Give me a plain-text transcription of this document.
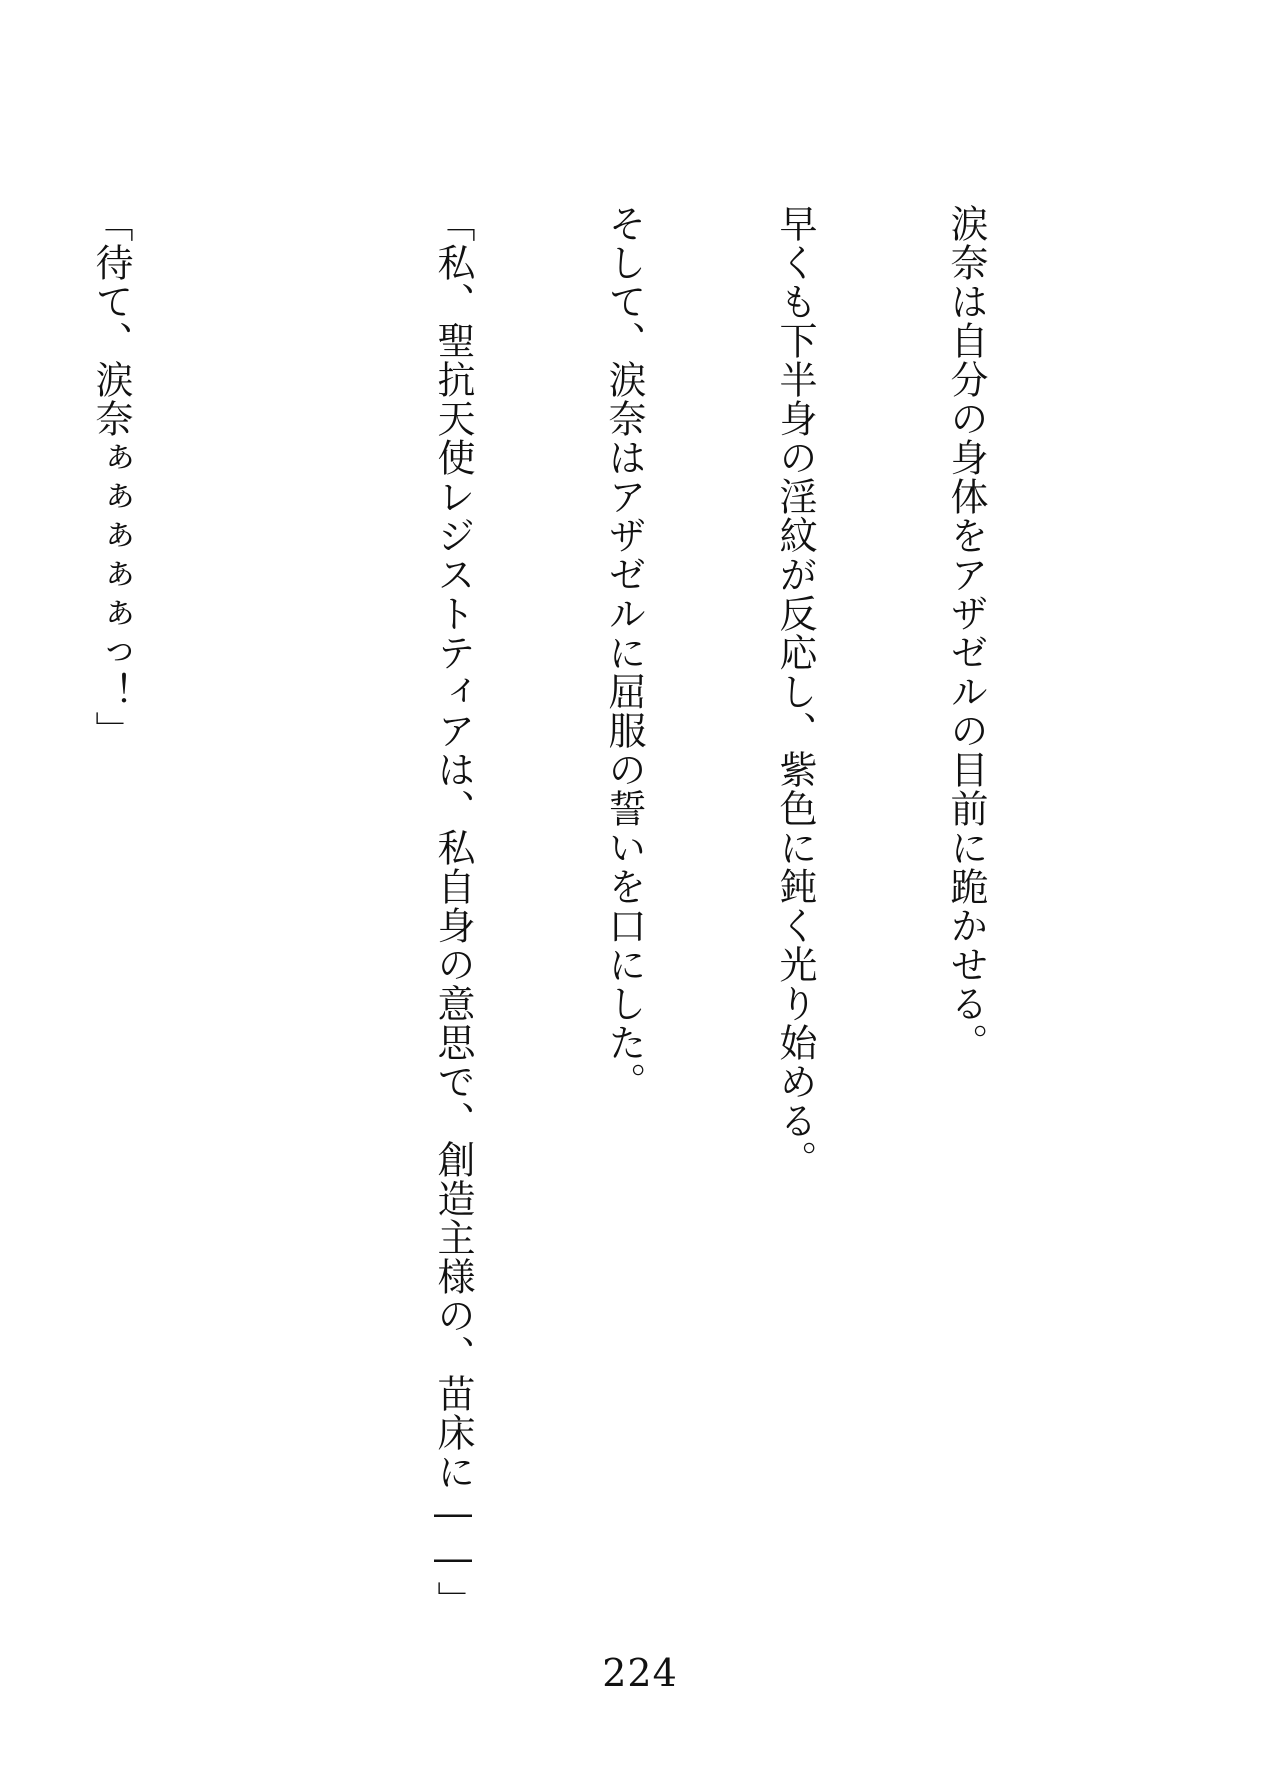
涙奈は自分の身体をアザゼルの目前に跪かせる。

早くも下半身の淫紋が反応し、紫色に鈍く光り始める。

そして、涙奈はアザゼルに屈服の誓いを口にした。

「私、聖抗天使レジストティアは、私自身の意思で、創造主様の、苗床に――」

「待て、涙奈ぁぁぁぁぁっ！」

224
